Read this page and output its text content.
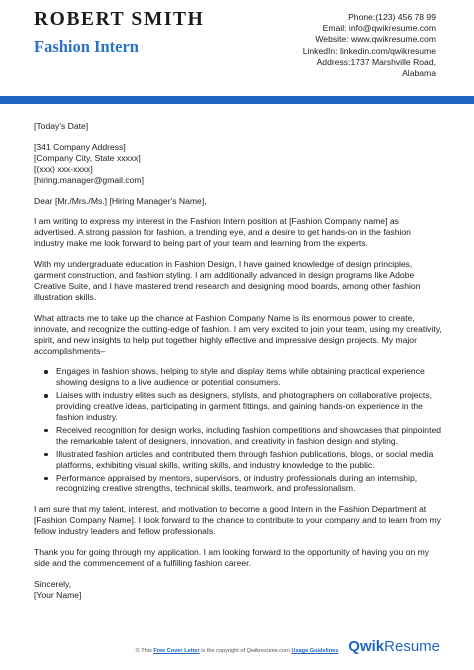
ROBERT SMITH
Fashion Intern
Phone:(123) 456 78 99
Email: info@qwikresume.com
Website: www.qwikresume.com
LinkedIn: linkedin.com/qwikresume
Address:1737 Marshville Road,
Alabama

[Today's Date]

[341 Company Address]

[Company City, State xxxxx]

[(xxx) xxx-xxxx]

[hiring.manager@gmail.com]

Dear [Mr./Mrs./Ms.] [Hiring Manager's Name],

I am writing to express my interest in the Fashion Intern position at [Fashion Company name] as advertised. A strong passion for fashion, a trending eye, and a desire to get hands-on in the fashion industry make me look forward to being part of your team and learning from the experts.

With my undergraduate education in Fashion Design, I have gained knowledge of design principles, garment construction, and fashion styling. I am additionally advanced in design programs like Adobe Creative Suite, and I have mastered trend research and designing mood boards, among other fashion illustration skills.

What attracts me to take up the chance at Fashion Company Name is its enormous power to create, innovate, and recognize the cutting-edge of fashion. I am very excited to join your team, using my creativity, spirit, and new insights to help put together highly effective and impressive design projects. My major accomplishments–

Engages in fashion shows, helping to style and display items while obtaining practical experience showing designs to a live audience or potential consumers.
Liaises with industry elites such as designers, stylists, and photographers on collaborative projects, providing creative ideas, participating in garment fittings, and gaining hands-on experience in the fashion industry.
Received recognition for design works, including fashion competitions and showcases that pinpointed the remarkable talent of designers, innovation, and creativity in fashion design and styling.
Illustrated fashion articles and contributed them through fashion publications, blogs, or social media platforms, exhibiting visual skills, writing skills, and industry knowledge to the public.
Performance appraised by mentors, supervisors, or industry professionals during an internship, recognizing creative strengths, technical skills, teamwork, and professionalism.

I am sure that my talent, interest, and motivation to become a good Intern in the Fashion Department at [Fashion Company Name]. I look forward to the chance to contribute to your company and to learn from my fellow industry leaders and fellow professionals.

Thank you for going through my application. I am looking forward to the opportunity of having you on my side and the commencement of a fulfilling fashion career.

Sincerely,

[Your Name]

© This Free Cover Letter is the copyright of Qwikresume.com Usage Guidelines QwikResume
